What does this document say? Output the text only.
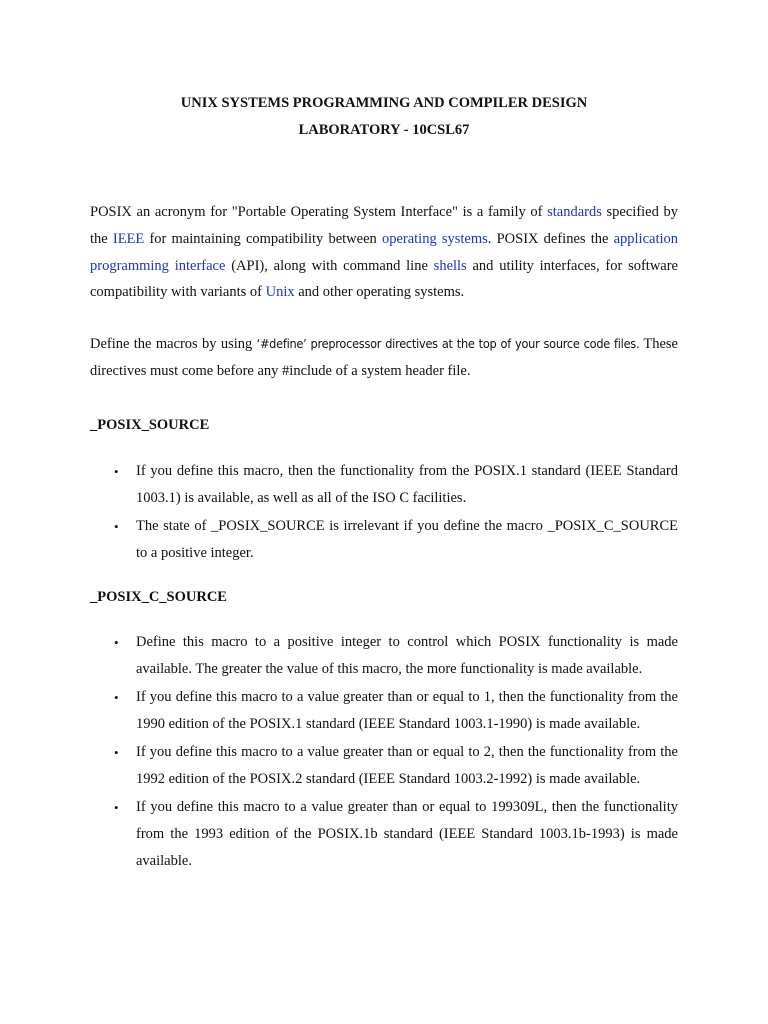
UNIX SYSTEMS PROGRAMMING AND COMPILER DESIGN
LABORATORY - 10CSL67

POSIX an acronym for "Portable Operating System Interface" is a family of standards specified by the IEEE for maintaining compatibility between operating systems. POSIX defines the application programming interface (API), along with command line shells and utility interfaces, for software compatibility with variants of Unix and other operating systems.

Define the macros by using ‘#define’ preprocessor directives at the top of your source code files. These directives must come before any #include of a system header file.

_POSIX_SOURCE
• If you define this macro, then the functionality from the POSIX.1 standard (IEEE Standard 1003.1) is available, as well as all of the ISO C facilities.
• The state of _POSIX_SOURCE is irrelevant if you define the macro _POSIX_C_SOURCE to a positive integer.
_POSIX_C_SOURCE
• Define this macro to a positive integer to control which POSIX functionality is made available. The greater the value of this macro, the more functionality is made available.
• If you define this macro to a value greater than or equal to 1, then the functionality from the 1990 edition of the POSIX.1 standard (IEEE Standard 1003.1-1990) is made available.
• If you define this macro to a value greater than or equal to 2, then the functionality from the 1992 edition of the POSIX.2 standard (IEEE Standard 1003.2-1992) is made available.
• If you define this macro to a value greater than or equal to 199309L, then the functionality from the 1993 edition of the POSIX.1b standard (IEEE Standard 1003.1b-1993) is made available.
